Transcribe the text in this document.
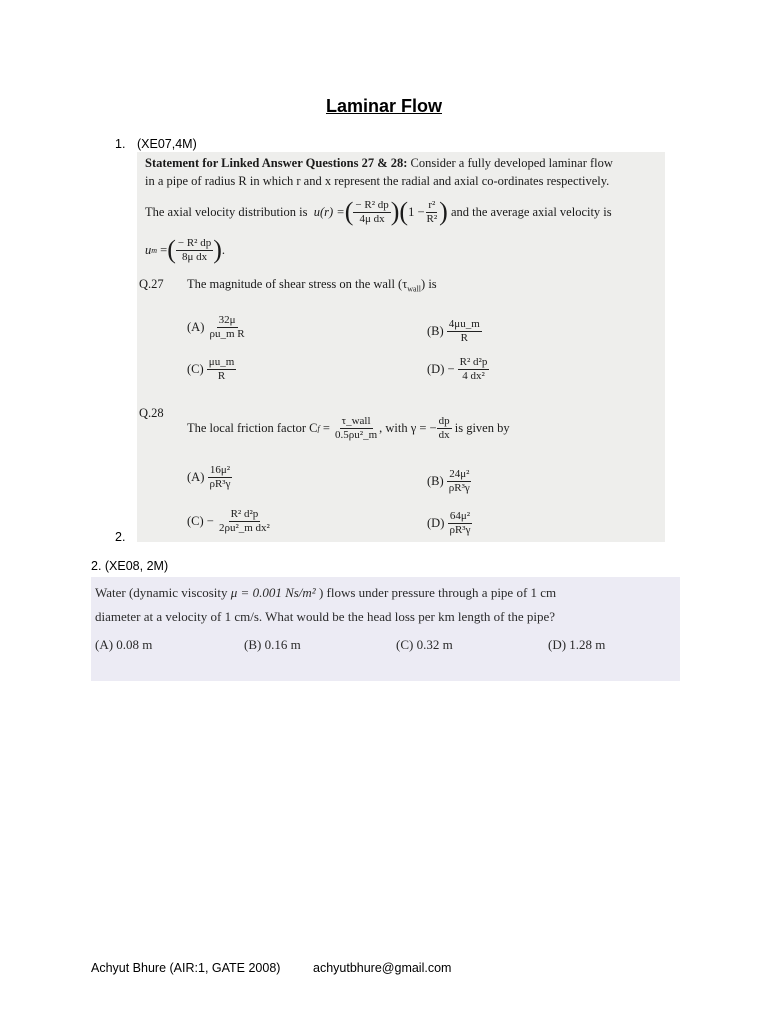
Laminar Flow
1. (XE07,4M)
Statement for Linked Answer Questions 27 & 28: Consider a fully developed laminar flow
in a pipe of radius R in which r and x represent the radial and axial co-ordinates respectively.
The axial velocity distribution is
u(r) = ( $\frac{\text{− R² dp}}{\text{4μ dx}}$ )( $1 - \frac{\text{r²}}{\text{R²}}$ )
and the average axial velocity is
u m = ( $\frac{\text{− R² dp}}{\text{8μ dx}}$ ) .
Q.27 The magnitude of shear stress on the wall $(\tau_{wall})$ is
(A)
$\frac{32\mu}{\text{ρu\_m R}}$	(B)
$\frac{4\mu u\_m}{R}$
(C)
$\frac{\mu u\_m}{R}$	(D) −
$\frac{\text{R² d²p}}{\text{4 dx²}}$
Q.28
The local friction factor C f
=
$\frac{\text{τ\_wall}}{\text{0.5ρu²\_m}}$ , with γ = − $\frac{dp}{dx}$
is given by
(A)
$\frac{\text{16μ²}}{\text{ρR³γ}}$	(B)
$\frac{\text{24μ²}}{\text{ρR³γ}}$
(C) −
$\frac{\text{R² d²p}}{\text{2ρu²\_m dx²}}$	(D)
$\frac{\text{64μ²}}{\text{ρR³γ}}$
2.
2. (XE08, 2M)
Water (dynamic viscosity μ = 0.001 Ns/m² ) flows under pressure through a pipe of 1 cm
diameter at a velocity of 1 cm/s. What would be the head loss per km length of the pipe?
(A) 0.08 m	(B) 0.16 m	(C) 0.32 m	(D) 1.28 m
Achyut Bhure (AIR:1, GATE 2008)	achyutbhure@gmail.com
